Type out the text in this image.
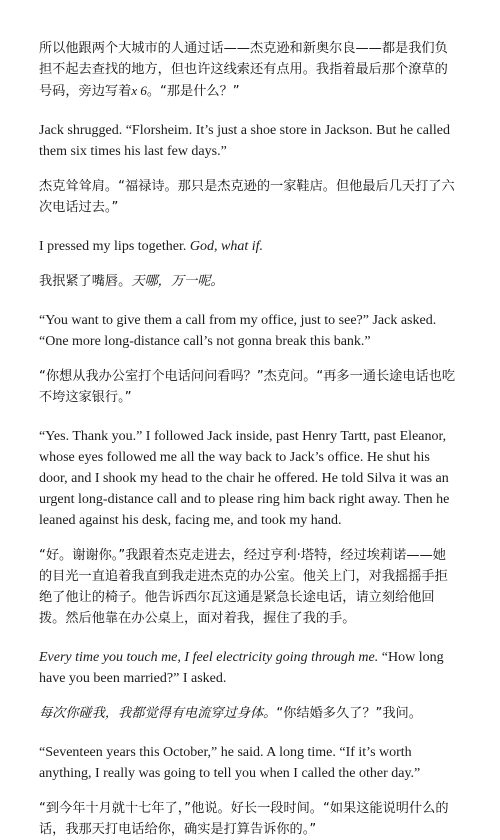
所以他跟两个大城市的人通过话——杰克逊和新奥尔良——都是我们负担不起去查找的地方，但也许这线索还有点用。我指着最后那个潦草的号码，旁边写着x 6。“那是什么？”

Jack shrugged. “Florsheim. It’s just a shoe store in Jackson. But he called them six times his last few days.”

杰克耸耸肩。“福禄诗。那只是杰克逊的一家鞋店。但他最后几天打了六次电话过去。”

I pressed my lips together. God, what if.

我抿紧了嘴唇。天哪，万一呢。

“You want to give them a call from my office, just to see?” Jack asked. “One more long-distance call’s not gonna break this bank.”

“你想从我办公室打个电话问问看吗？”杰克问。“再多一通长途电话也吃不垮这家银行。”

“Yes. Thank you.” I followed Jack inside, past Henry Tartt, past Eleanor, whose eyes followed me all the way back to Jack’s office. He shut his door, and I shook my head to the chair he offered. He told Silva it was an urgent long-distance call and to please ring him back right away. Then he leaned against his desk, facing me, and took my hand.

“好。谢谢你。”我跟着杰克走进去，经过亨利·塔特，经过埃莉诺——她的目光一直追着我直到我走进杰克的办公室。他关上门，对我摇摇手拒绝了他让的椅子。他告诉西尔瓦这通是紧急长途电话，请立刻给他回拨。然后他靠在办公桌上，面对着我，握住了我的手。

Every time you touch me, I feel electricity going through me. “How long have you been married?” I asked.

每次你碰我，我都觉得有电流穿过身体。“你结婚多久了？”我问。

“Seventeen years this October,” he said. A long time. “If it’s worth anything, I really was going to tell you when I called the other day.”

“到今年十月就十七年了，”他说。好长一段时间。“如果这能说明什么的话，我那天打电话给你，确实是打算告诉你的。”
